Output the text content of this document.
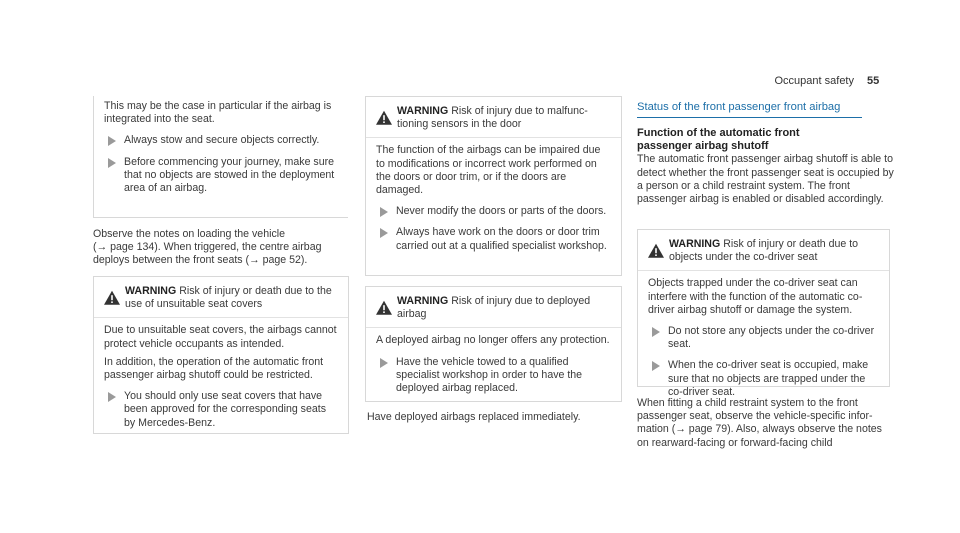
Occupant safety 55

This may be the case in particular if the airbag is integrated into the seat.

Always stow and secure objects correctly.
Before commencing your journey, make sure that no objects are stowed in the deployment area of an airbag.
Observe the notes on loading the vehicle
(→ page 134). When triggered, the centre airbag
deploys between the front seats (→ page 52).
WARNING Risk of injury or death due to the use of unsuitable seat covers

Due to unsuitable seat covers, the airbags cannot protect vehicle occupants as intended.

In addition, the operation of the automatic front passenger airbag shutoff could be restricted.

You should only use seat covers that have been approved for the corresponding seats by Mercedes-Benz.
WARNING Risk of injury due to malfunctioning sensors in the door

The function of the airbags can be impaired due to modifications or incorrect work performed on the doors or door trim, or if the doors are damaged.

Never modify the doors or parts of the doors.
Always have work on the doors or door trim carried out at a qualified specialist workshop.
WARNING Risk of injury due to deployed airbag

A deployed airbag no longer offers any protection.

Have the vehicle towed to a qualified specialist workshop in order to have the deployed airbag replaced.
Have deployed airbags replaced immediately.
Status of the front passenger front airbag
Function of the automatic front passenger airbag shutoff

The automatic front passenger airbag shutoff is able to detect whether the front passenger seat is occupied by a person or a child restraint system. The front passenger airbag is enabled or disabled accordingly.

WARNING Risk of injury or death due to objects under the co-driver seat

Objects trapped under the co-driver seat can interfere with the function of the automatic co-driver airbag shutoff or damage the system.

Do not store any objects under the co-driver seat.
When the co-driver seat is occupied, make sure that no objects are trapped under the co-driver seat.
When fitting a child restraint system to the front passenger seat, observe the vehicle-specific information (→ page 79). Also, always observe the notes on rearward-facing or forward-facing child
